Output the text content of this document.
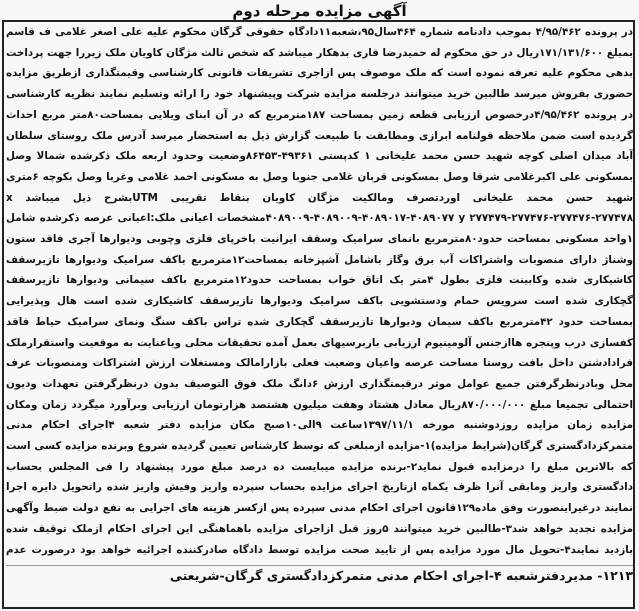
آگهی مزایده مرحله دوم
در پرونده ۴/۹۵/۴۶۲ بموجب دادنامه شماره ۴۶۴سال۹۵،شعبه۱۱دادگاه حقوقی گرگان محکوم علیه علی اصغر غلامی ف قاسم بمبلغ ۱۷۱/۱۳۱/۶۰۰ریال در حق محکوم له حمیدرضا قاری بدهکار میباشد که شخص ثالث مژگان کاویان ملک زیررا جهت پرداخت بدهی محکوم علیه تعرفه نموده است که ملک موصوف پس ازاجری تشریفات قانونی کارشناسی وقیمتگذاری ازطریق مزایده حضوری بفروش میرسد طالبین خرید میتوانند درجلسه مزایده شرکت وپیشنهاد خود را ارائه وتسلیم نمایند نظریه کارشناسی در پرونده ۴/۹۵/۴۶۲درخصوص ارزیابی قطعه زمین بمساحت ۱۸۷مترمربع که در آن ابنای ویلایی بمساحت۸۰متر مربع احداث گردیده است ضمن ملاحظه قولنامه ابرازی ومطابقت با طبیعت گزارش ذیل به استحضار میرسد آدرس ملک روستای سلطان آباد میدان اصلی کوچه شهید حسن محمد علیخانی ۱ کدپستی ۴۹۳۶۱-۸۶۴۵۳وضعیت وحدود اربعه ملک ذکرشده شمالا وصل بمسکونی علی اکبرغلامی شرقا وصل بمسکونی قربان غلامی جنوبا وصل به مسکونی احمد غلامی وغربا وصل بکوچه ۶متری شهید حسن محمد علیخانی اوردتصرف ومالکیت مژگان کاویان بنقاط تقریبی UTMبشرح ذیل میباشد x ۴۰۸۹۰۰۹-۴۰۸۹۰۰۹-۴۰۸۹۰۱۷-۴۰۸۹۰۷۷ y ۲۷۷۴۷۹-۲۷۷۴۷۶-۲۷۷۴۷۶-۲۷۷۴۷۸مشخصات اعیانی ملک:اعیانی عرصه ذکرشده شامل ۱واحد مسکونی بمساحت حدود۸۰مترمربع بانمای سرامیک وسقف ایرانیت باخرپای فلزی وچوبی ودیوارها آجری فاقد ستون وشناژ دارای منصوبات واشتراکات آب برق وگاز باشامل آشپزخانه بمساحت۱۲مترمربع باکف سرامیک ودیوارها تازیرسقف کاشیکاری شده وکابینت فلزی بطول ۴متر یک اتاق خواب بمساحت حدود۱۲مترمربع باکف سیمانی ودیوارها تازیرسقف گچکاری شده است سرویس حمام ودستشویی باکف سرامیک ودیوارها تازیرسقف کاشیکاری شده است هال وپذیرایی بمساحت حدود ۴۲مترمربع باکف سیمان ودیوارها تازیرسقف گچکاری شده تراس باکف سنگ ونمای سرامیک حیاط فاقد کفسازی درب وپنجره هاازجنس آلومینیوم ارزیابی باربرسیهای بعمل آمده تحقیقات محلی وباعنایت به موقعیت واستقرارملک فرادادشتن داخل بافت روستا مساحت عرصه واعیان وضعیت فعلی بازارامالک ومستغلات ارزش اشتراکات ومنصوبات عرف محل وبادرنظرگرفتن جمیع عوامل موثر درقیمتگذاری ارزش ۶دانگ ملک فوق التوصیف بدون درنظرگرفتن تعهدات ودیون احتمالی تجمیعا مبلغ ۸۷۰/۰۰۰/۰۰۰ریال معادل هشتاد وهفت میلیون هشتصد هزارتومان ارزیابی وبرآورد میگردد زمان ومکان مزایده زمان مزایده روزدوشنبه مورخه ۱۳۹۷/۱۱/۱ساعت ۹الی۱۰صبح مکان مزایده دفتر شعبه ۴اجرای احکام مدنی متمرکزدادگستری گرگان(شرایط مزایده)۱-مزایده ازمبلغی که توسط کارشناس تعیین گردیده شروع وبرنده مزایده کسی است که بالاترین مبلغ را درمزایده قبول نماید۲-برنده مزایده میبایست ده درصد مبلغ مورد پیشنهاد را فی المجلس بحساب دادگستری واریز ومابقی آنرا ظرف یکماه ازتاریخ اجرای مزایده بحساب سپرده واریز وفیش واریز شده راتحویل دایره اجرا نمایند درغیراینصورت وفق ماده۱۲۹قانون اجرای احکام مدنی سپرده پس ازکسر هزینه های اجرایی به نفع دولت ضبط وآگهی مزایده تجدید خواهد شد۳-طالبین خرید میتوانند ۵روز قبل ازاجرای مزایده باهماهنگی این اجرای احکام ازملک توقیف شده بازدید نمایند۴-تحویل مال مورد مزایده پس از تایید صحت مزایده توسط دادگاه صادرکننده اجرائیه خواهد بود درصورت عدم
۱۲۱۳- مدیردفترشعبه ۴-اجرای احکام مدنی متمرکزدادگستری گرگان-شریعتی
